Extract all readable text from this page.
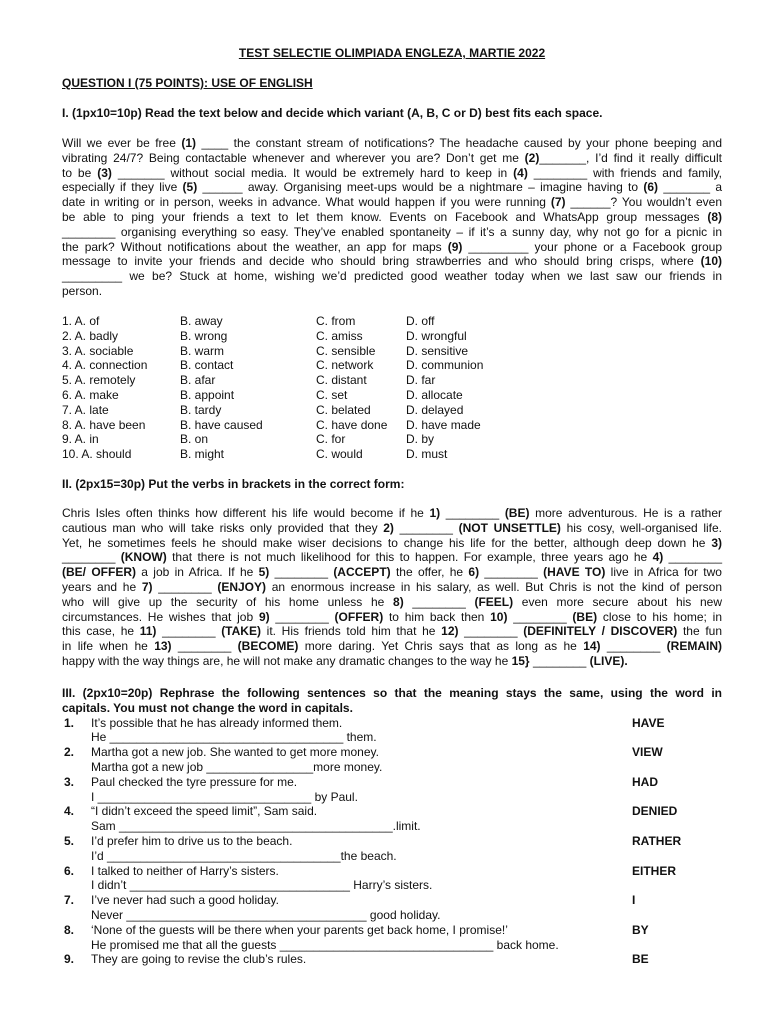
TEST SELECTIE OLIMPIADA ENGLEZA, MARTIE 2022
QUESTION I (75 POINTS): USE OF ENGLISH
I. (1px10=10p) Read the text below and decide which variant (A, B, C or D) best fits each space.
Will we ever be free (1) ____ the constant stream of notifications? The headache caused by your phone beeping and
vibrating 24/7? Being contactable whenever and wherever you are? Don’t get me (2)_______, I’d find it really difficult
to be (3) _______ without social media. It would be extremely hard to keep in (4) ________ with friends and family,
especially if they live (5) ______ away. Organising meet-ups would be a nightmare – imagine having to (6) _______ a
date in writing or in person, weeks in advance. What would happen if you were running (7) ______? You wouldn’t even
be able to ping your friends a text to let them know. Events on Facebook and WhatsApp group messages (8)
________ organising everything so easy. They’ve enabled spontaneity – if it’s a sunny day, why not go for a picnic in
the park? Without notifications about the weather, an app for maps (9) _________ your phone or a Facebook group
message to invite your friends and decide who should bring strawberries and who should bring crisps, where (10)
_________ we be? Stuck at home, wishing we’d predicted good weather today when we last saw our friends in
person.
1. A. of	B. away	C. from	D. off
2. A. badly	B. wrong	C. amiss	D. wrongful
3. A. sociable	B. warm	C. sensible	D. sensitive
4. A. connection	B. contact	C. network	D. communion
5. A. remotely	B. afar	C. distant	D. far
6. A. make	B. appoint	C. set	D. allocate
7. A. late	B. tardy	C. belated	D. delayed
8. A. have been	B. have caused	C. have done D. have made
9. A. in	B. on	C. for	D. by
10. A. should	B. might	C. would	D. must
II. (2px15=30p) Put the verbs in brackets in the correct form:
Chris Isles often thinks how different his life would become if he 1) ________ (BE) more adventurous. He is a rather
cautious man who will take risks only provided that they 2) ________ (NOT UNSETTLE) his cosy, well-organised life.
Yet, he sometimes feels he should make wiser decisions to change his life for the better, although deep down he 3)
________ (KNOW) that there is not much likelihood for this to happen. For example, three years ago he 4) ________
(BE/ OFFER) a job in Africa. If he 5) ________ (ACCEPT) the offer, he 6) ________ (HAVE TO) live in Africa for two
years and he 7) ________ (ENJOY) an enormous increase in his salary, as well. But Chris is not the kind of person
who will give up the security of his home unless he 8) ________ (FEEL) even more secure about his new
circumstances. He wishes that job 9) ________ (OFFER) to him back then 10) ________ (BE) close to his home; in
this case, he 11) ________ (TAKE) it. His friends told him that he 12) ________ (DEFINITELY / DISCOVER) the fun
in life when he 13) ________ (BECOME) more daring. Yet Chris says that as long as he 14) ________ (REMAIN)
happy with the way things are, he will not make any dramatic changes to the way he 15} ________ (LIVE).
III. (2px10=20p) Rephrase the following sentences so that the meaning stays the same, using the word in
capitals. You must not change the word in capitals.
1. It’s possible that he has already informed them.
He ___________________________________ them.
HAVE
2. Martha got a new job. She wanted to get more money.
Martha got a new job ________________more money.
VIEW
3. Paul checked the tyre pressure for me.
I ________________________________ by Paul.
HAD
4. “I didn’t exceed the speed limit”, Sam said.
Sam _________________________________________.limit.
DENIED
5. I’d prefer him to drive us to the beach.
I’d ___________________________________the beach.
RATHER
6. I talked to neither of Harry’s sisters.
I didn’t _________________________________ Harry’s sisters.
EITHER
7. I’ve never had such a good holiday.
Never ____________________________________ good holiday.
I
8. ‘None of the guests will be there when your parents get back home, I promise!’
He promised me that all the guests ________________________________ back home.
BY
9. They are going to revise the club’s rules.	BE
